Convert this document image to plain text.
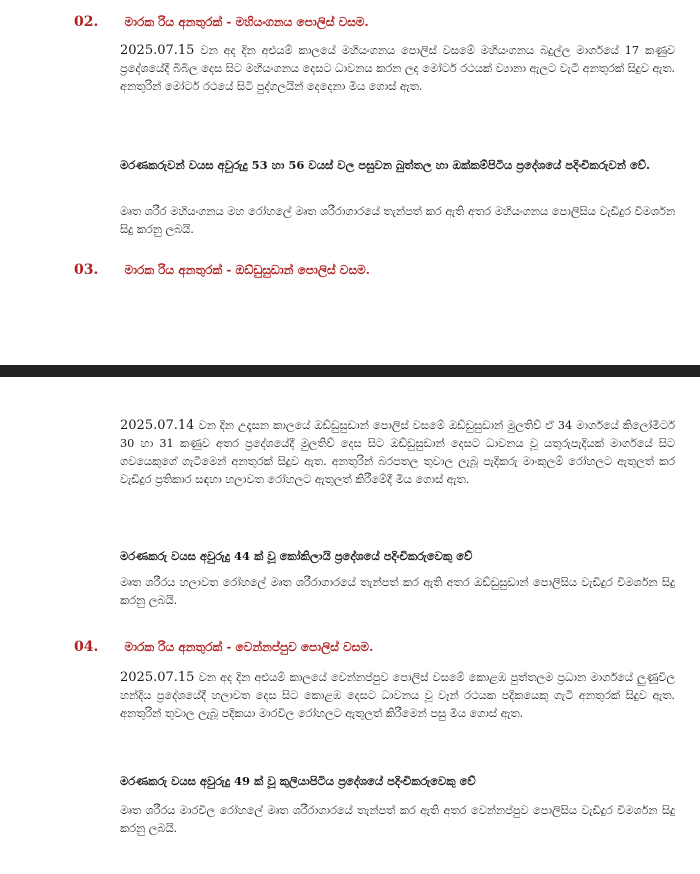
02. මාරක රිය අනතුරක් - මහියංගනය පොලිස් වසම.
2025.07.15 වන අද දින අළුයම් කාලයේ මහියංගනය පොලිස් වසමේ මහියංගනය බදුල්ල මාර්ගයේ 17 කණුව ප්‍රදේශයේදී බිබිල දෙස සිට මහියංගනය දෙසට ධාවනය කරන ලද මෝටර් රථයක් ව්‍යානා ඇලට වැටී අනතුරක් සිදුව ඇත. අනතුරින් මෝටර් රථයේ සිටි පුද්ගලයින් දෙදෙනා මිය ගොස් ඇත.
මරණකරුවන් වයස අවුරුදු 53 හා 56 වයස් වල පසුවන බුත්තල හා ඔක්කම්පිටිය ප්‍රදේශයේ පදිංචිකරුවන් වේ.
මෘත ශරීර මහියංගනය මහ රෝහලේ මෘත ශරීරාගාරයේ තැන්පත් කර ඇති අතර මහියංගනය පොලිසිය වැඩිදුර විමර්ශන සිදු කරනු ලබයි.
03. මාරක රිය අනතුරක් - ඔඩ්ඩුසුඩාන් පොලිස් වසම.
2025.07.14 වන දින උදෑසන කාලයේ ඔඩ්ඩුසුඩාන් පොලිස් වසමේ ඔඩ්ඩුසුඩාන් මුලතිව් ඒ 34 මාර්ගයේ කිලෝමීටර් 30 හා 31 කණුව අතර ප්‍රදේශයේදී මුලතිව් දෙස සිට ඔඩ්ඩුසුඩාන් දෙසට ධාවනය වූ යතුරුපැදියක් මාර්ගයේ සිට ගවයෙකුගේ ගැටීමෙන් අනතුරක් සිදුව ඇත. අනතුරින් බරපතල තුවාල ලැබූ පැදිකරු මාංකුලම් රෝහලට ඇතුලත් කර වැඩිදුර ප්‍රතිකාර සඳහා හලාවත රෝහලට ඇතුලත් කිරීමේදී මිය ගොස් ඇත.
මරණකරු වයස අවුරුදු 44 ක් වූ කෝකිලායි ප්‍රදේශයේ පදිංචිකරුවෙකු වේ
මෘත ශරීරය හලාවත රෝහලේ මෘත ශරීරාගාරයේ තැන්පත් කර ඇති අතර ඔඩ්ඩුසුඩාන් පොලිසිය වැඩිදුර විමර්ශන සිදු කරනු ලබයි.
04. මාරක රිය අනතුරක් - වෙන්නප්පුව පොලිස් වසම.
2025.07.15 වන අද දින අළුයම් කාලයේ වෙන්නප්පුව පොලිස් වසමේ කොළඹ පුත්තලම ප්‍රධාන මාර්ගයේ ලුණුවිල හන්දිය ප්‍රදේශයේදී හලාවත දෙස සිට කොළඹ දෙසට ධාවනය වූ වෑන් රථයක පදිකයෙකු ගැටී අනතුරක් සිදුව ඇත. අනතුරින් තුවාල ලැබූ පදිකයා මාරවිල රෝහලට ඇතුලත් කිරීමෙන් පසු මිය ගොස් ඇත.
මරණකරු වයස අවුරුදු 49 ක් වූ කුලියාපිටිය ප්‍රදේශයේ පදිංචිකරුවෙකු වේ
මෘත ශරීරය මාරවිල රෝහලේ මෘත ශරීරාගාරයේ තැන්පත් කර ඇති අතර වෙන්නප්පුව පොලිසිය වැඩිදුර විමර්ශන සිදු කරනු ලබයි.
